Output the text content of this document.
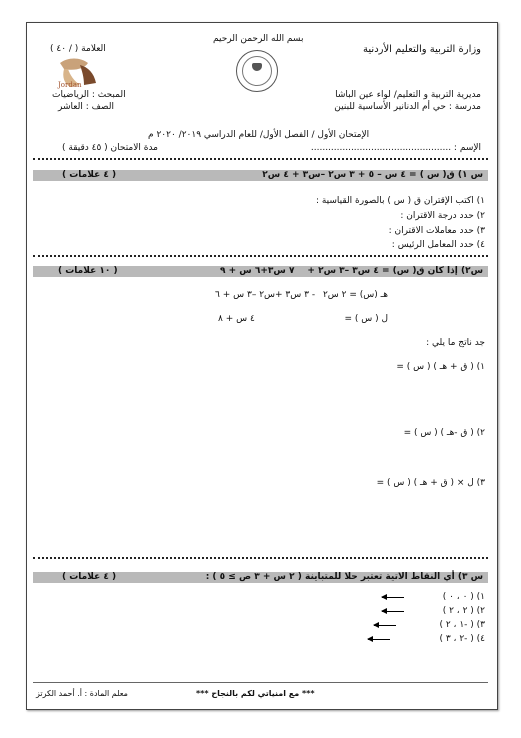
بسم الله الرحمن الرحيم
وزارة التربية والتعليم الأردنية
مديرية التربية و التعليم/ لواء عين الباشا
مدرسة : حي أم الدنانير الأساسية للبنين
العلامة ( / ٤٠ )
المبحث : الرياضيات
الصف : العاشر
Jordan
الإمتحان الأول / الفصل الأول/ للعام الدراسي ٢٠١٩/ ٢٠٢٠ م
الإسم : .................................................
مدة الامتحان ( ٤٥ دقيقة )
س ١) ق( س ) = ٤ س – ٥ + ٣ س٢ –س٣ + ٤ س٢
( ٤ علامات )
١) اكتب الإقتران ق ( س ) بالصورة القياسية :
٢) حدد درجة الاقتران :
٣) حدد معاملات الاقتران :
٤) حدد المعامل الرئيس :
س٢) إذا كان ق( س) = ٤ س٣ –٣ س٢ +
٧ س٣+٦ س + ٩
( ١٠ علامات )
هـ (س) = ٢ س٢
- ٣ س٣ +س٢ –٣ س + ٦
ل ( س ) =
٤ س + ٨
جد ناتج ما يلي :
١) ( ق + هـ ) ( س ) =
٢) ( ق -هـ ) ( س ) =
٣) ل × ( ق + هـ ) ( س ) =
س ٣) أي النقاط الاتية تعتبر حلا للمتباينة ( ٢ س + ٣ ص ≥ ٥ ) :
( ٤ علامات )
١) ( ٠ ، ٠ )
٢) ( ٢ ، ٢ )
٣) ( -١ ، ٢ )
٤) ( -٢ ، ٣ )
*** مع امنياتي لكم بالنجاح ***
معلم المادة : أ. أحمد الكرتز
